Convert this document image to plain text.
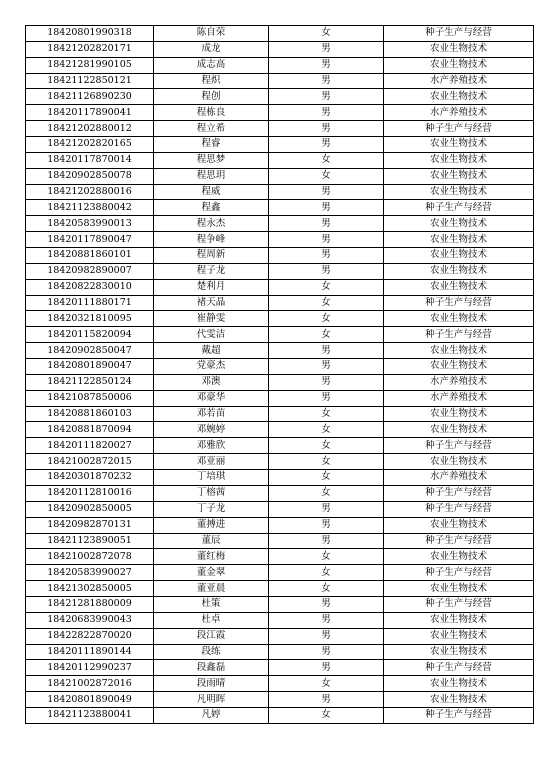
18420801990318	陈自荣	女	种子生产与经营
18421202820171	成龙	男	农业生物技术
18421281990105	成志高	男	农业生物技术
18421122850121	程炽	男	水产养殖技术
18421126890230	程创	男	农业生物技术
18420117890041	程栋良	男	水产养殖技术
18421202880012	程立希	男	种子生产与经营
18421202820165	程睿	男	农业生物技术
18420117870014	程思梦	女	农业生物技术
18420902850078	程思玥	女	农业生物技术
18421202880016	程威	男	农业生物技术
18421123880042	程鑫	男	种子生产与经营
18420583990013	程永杰	男	农业生物技术
18420117890047	程争峰	男	农业生物技术
18420881860101	程周新	男	农业生物技术
18420982890007	程子龙	男	农业生物技术
18420822830010	楚利月	女	农业生物技术
18420111880171	褚天晶	女	种子生产与经营
18420321810095	崔静雯	女	农业生物技术
18420115820094	代雯洁	女	种子生产与经营
18420902850047	戴超	男	农业生物技术
18420801890047	党豪杰	男	农业生物技术
18421122850124	邓澳	男	水产养殖技术
18421087850006	邓豪华	男	水产养殖技术
18420881860103	邓若苗	女	农业生物技术
18420881870094	邓婉婷	女	农业生物技术
18420111820027	邓雅欣	女	种子生产与经营
18421002872015	邓亚丽	女	农业生物技术
18420301870232	丁培琪	女	水产养殖技术
18420112810016	丁榕茜	女	种子生产与经营
18420902850005	丁子龙	男	种子生产与经营
18420982870131	董搏进	男	农业生物技术
18421123890051	董辰	男	种子生产与经营
18421002872078	董红梅	女	农业生物技术
18420583990027	董金翠	女	种子生产与经营
18421302850005	董亚晨	女	农业生物技术
18421281880009	杜策	男	种子生产与经营
18420683990043	杜卓	男	农业生物技术
18422822870020	段江霞	男	农业生物技术
18420111890144	段练	男	农业生物技术
18420112990237	段鑫磊	男	种子生产与经营
18421002872016	段雨晴	女	农业生物技术
18420801890049	凡明晖	男	农业生物技术
18421123880041	凡婷	女	种子生产与经营
